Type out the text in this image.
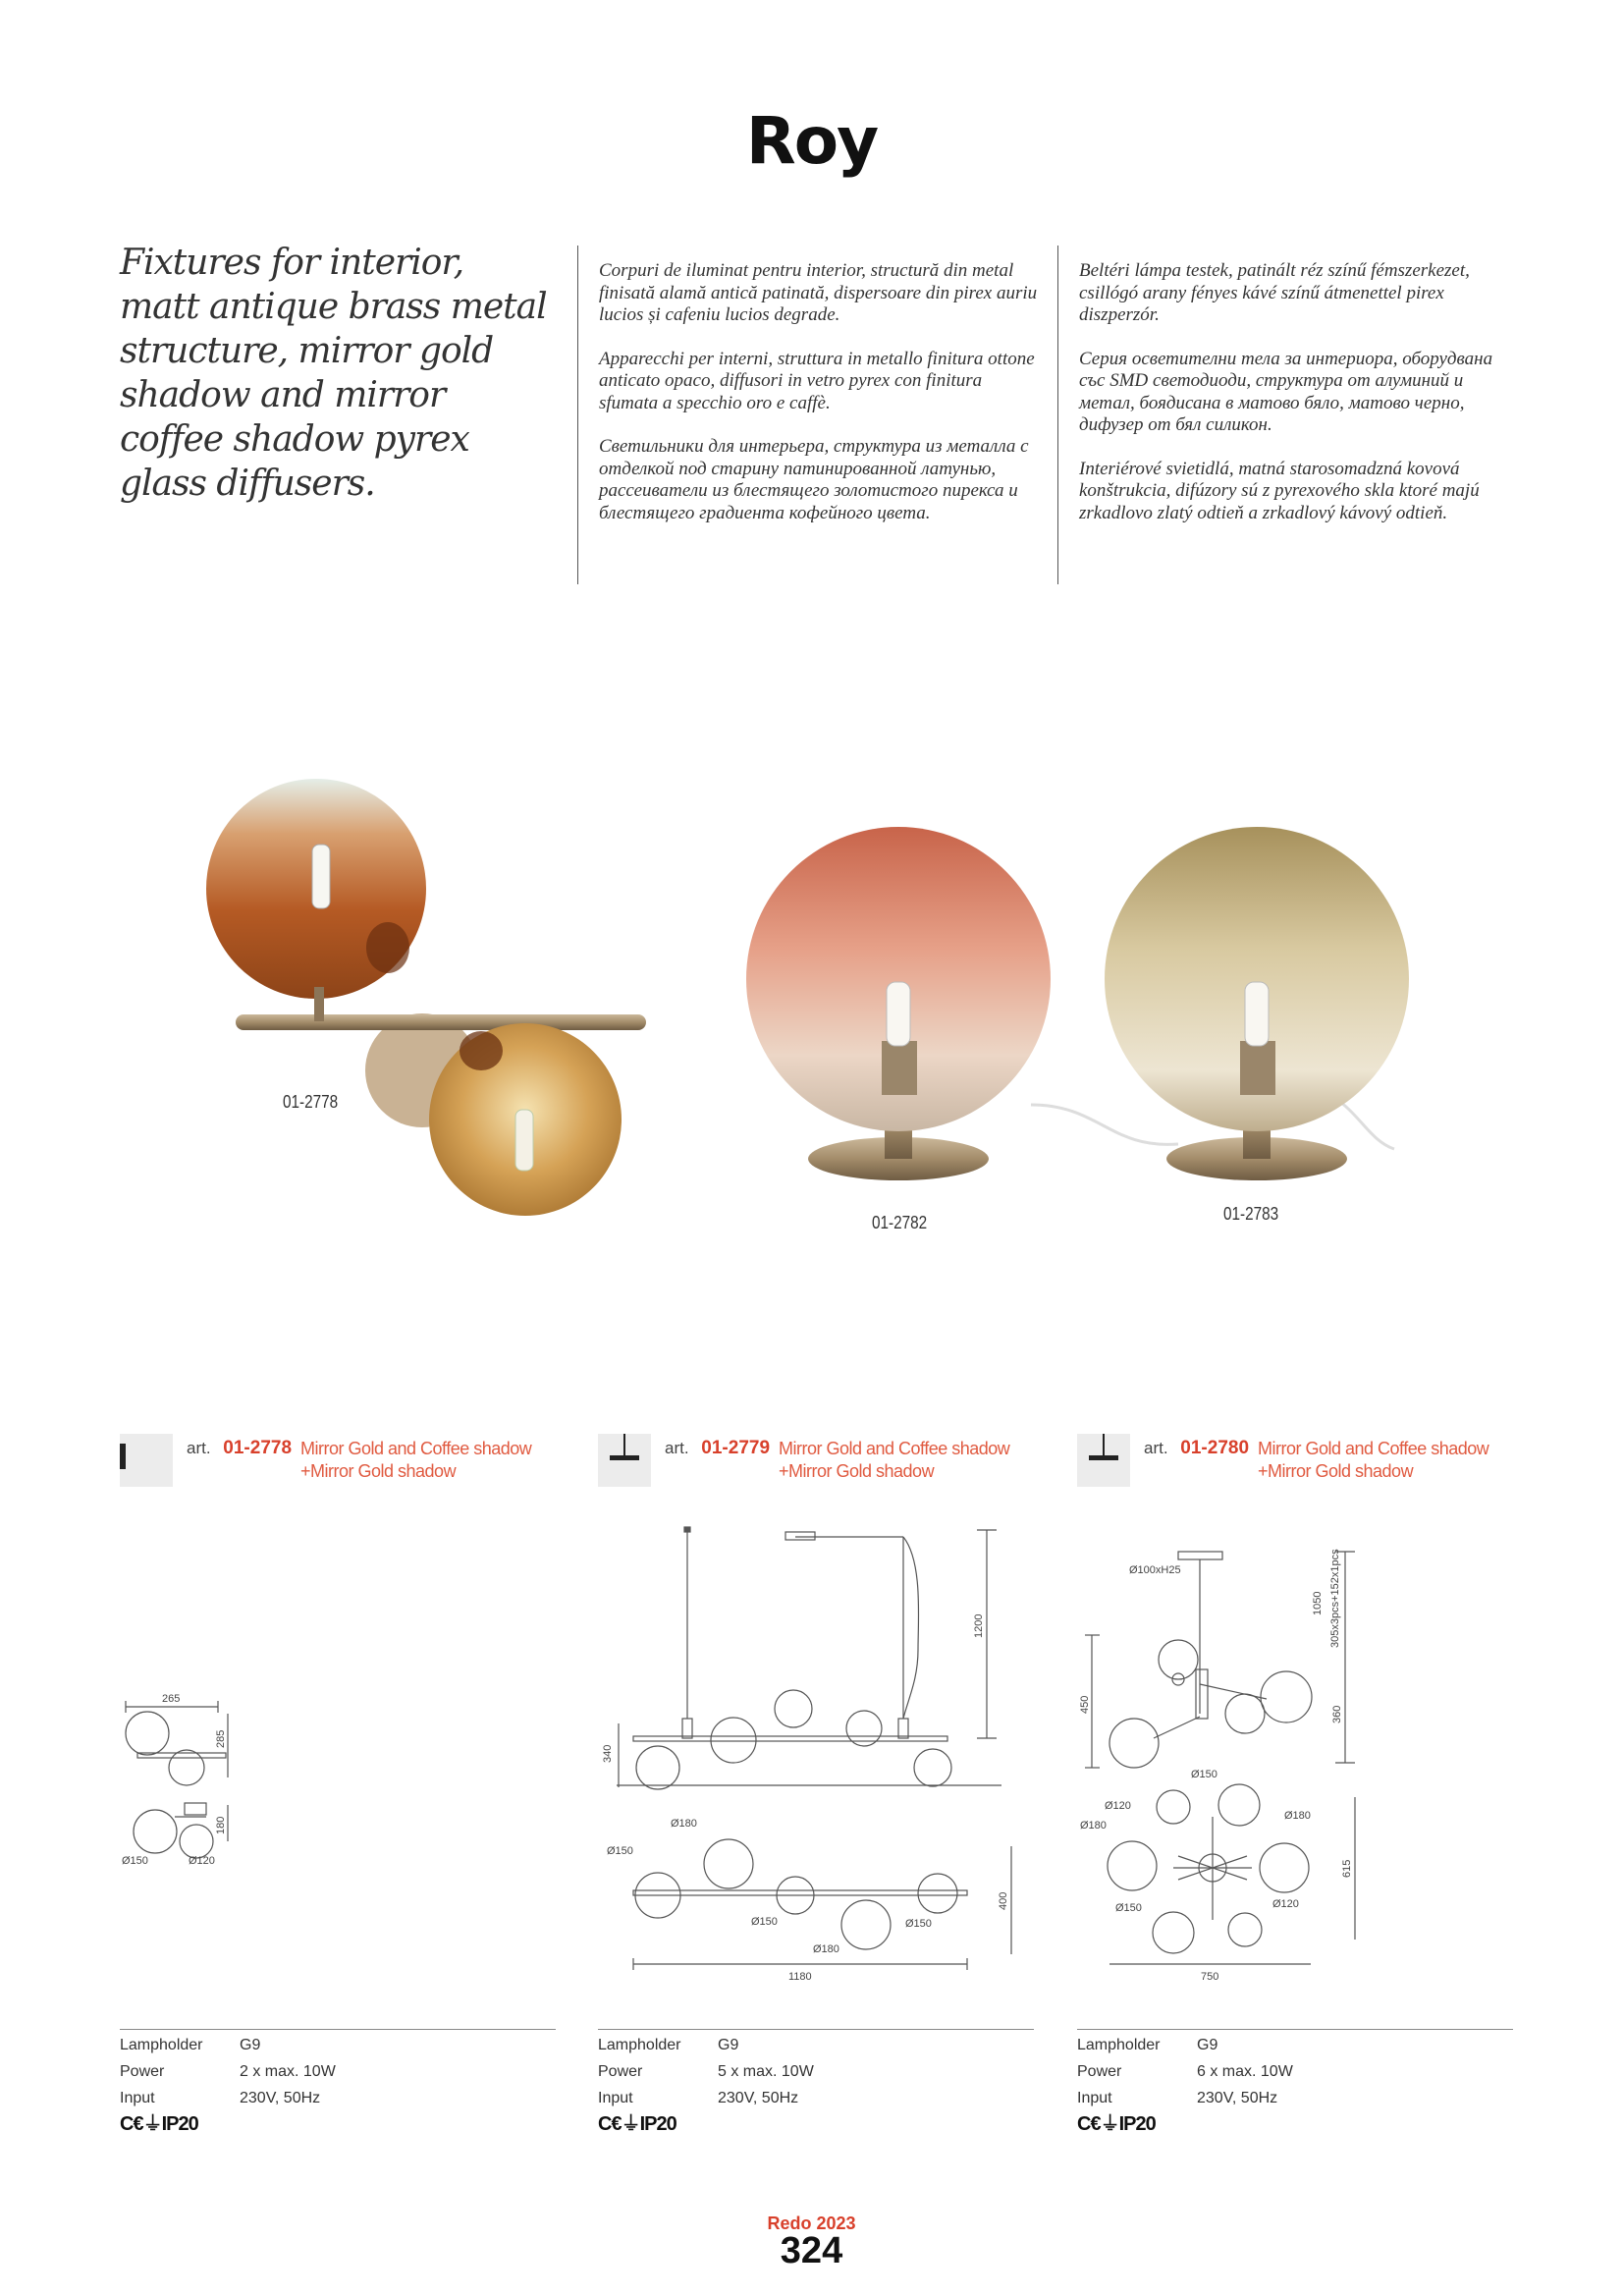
Roy
Fixtures for interior, matt antique brass metal structure, mirror gold shadow and mirror coffee shadow pyrex glass diffusers.

Corpuri de iluminat pentru interior, structură din metal finisată alamă antică patinată, dispersoare din pirex auriu lucios și cafeniu lucios degrade.

Apparecchi per interni, struttura in metallo finitura ottone anticato opaco, diffusori in vetro pyrex con finitura sfumata a specchio oro e caffè.

Светильники для интерьера, структура из металла с отделкой под старину патинированной латунью, рассеиватели из блестящего золотистого пирекса и блестящего градиента кофейного цвета.

Beltéri lámpa testek, patinált réz színű fémszerkezet, csillógó arany fényes kávé színű átmenettel pirex diszperzór.

Серия осветителни тела за интериора, оборудвана със SMD светодиоди, структура от алуминий и метал, боядисана в матово бяло, матово черно, дифузер от бял силикон.

Interiérové svietidlá, matná starosomadzná kovová konštrukcia, difúzory sú z pyrexového skla ktoré majú zrkadlovo zlatý odtieň a zrkadlový kávový odtieň.

01-2778
01-2782	01-2783
art. 01-2778 Mirror Gold and Coffee shadow
+Mirror Gold shadow
art. 01-2779 Mirror Gold and Coffee shadow
+Mirror Gold shadow
art. 01-2780 Mirror Gold and Coffee shadow
+Mirror Gold shadow
265
285
180
Ø150	Ø120
1200
340
Ø180
Ø150
Ø150	Ø150
Ø180
400
1180
Ø100xH25
1050 305x3pcs+152x1pcs
450
360
Ø150
Ø120
Ø180
Ø180
Ø150	Ø120
615
750
Lampholder G9
Power	2 x max. 10W
Input	230V, 50Hz
C€⏚IP20
Lampholder G9
Power	5 x max. 10W
Input	230V, 50Hz
C€⏚IP20
Lampholder G9
Power	6 x max. 10W
Input	230V, 50Hz
C€⏚IP20
Redo 2023
324
